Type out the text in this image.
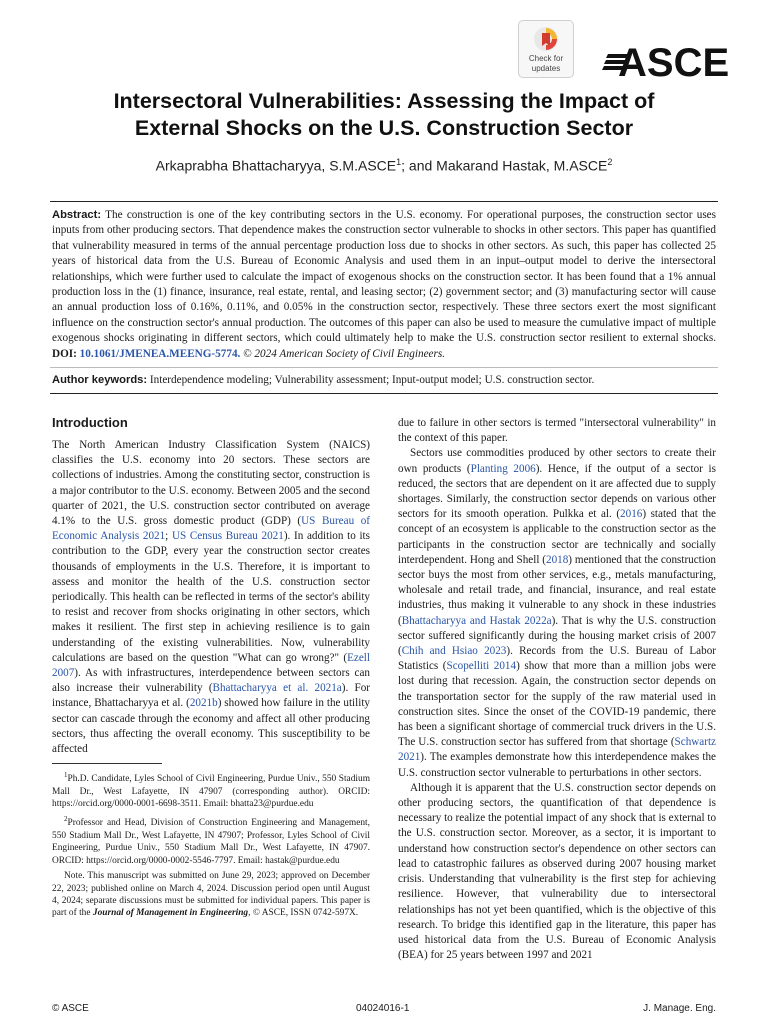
Check for
updates	ASCE
Intersectoral Vulnerabilities: Assessing the Impact of
External Shocks on the U.S. Construction Sector
Arkaprabha Bhattacharyya, S.M.ASCE$^1$; and Makarand Hastak, M.ASCE$^2$
Abstract: The construction is one of the key contributing sectors in the U.S. economy. For operational purposes, the construction sector uses inputs from other producing sectors. That dependence makes the construction sector vulnerable to shocks in other sectors. This paper has quantified that vulnerability measured in terms of the annual percentage production loss due to shocks in other sectors. As such, this paper has collected 25 years of historical data from the U.S. Bureau of Economic Analysis and used them in an input–output model to derive the intersectoral relationships, which were further used to calculate the impact of exogenous shocks on the construction sector. It has been found that a 1% annual production loss in the (1) finance, insurance, real estate, rental, and leasing sector; (2) government sector; and (3) manufacturing sector will cause an annual production loss of 0.16%, 0.11%, and 0.05% in the construction sector, respectively. These three sectors exert the most significant influence on the construction sector's annual production. The outcomes of this paper can also be used to measure the cumulative impact of multiple exogenous shocks originating in different sectors, which could ultimately help to make the U.S. construction sector resilient to external shocks. DOI: 10.1061/JMENEA.MEENG-5774. © 2024 American Society of Civil Engineers.
Author keywords: Interdependence modeling; Vulnerability assessment; Input-output model; U.S. construction sector.
Introduction

The North American Industry Classification System (NAICS) classifies the U.S. economy into 20 sectors. These sectors are collections of industries. Among the constituting sector, construction is a major contributor to the U.S. economy. Between 2005 and the second quarter of 2021, the U.S. construction sector contributed on average 4.1% to the U.S. gross domestic product (GDP) (US Bureau of Economic Analysis 2021; US Census Bureau 2021). In addition to its contribution to the GDP, every year the construction sector creates thousands of employments in the U.S. Therefore, it is important to assess and monitor the health of the U.S. construction sector periodically. This health can be reflected in terms of the sector's ability to resist and recover from shocks originating in other sectors, which makes it resilient. The first step in achieving resilience is to gain understanding of the existing vulnerabilities. Now, vulnerability calculations are based on the question "What can go wrong?" (Ezell 2007). As with infrastructures, interdependence between sectors can also increase their vulnerability (Bhattacharyya et al. 2021a). For instance, Bhattacharyya et al. (2021b) showed how failure in the utility sector can cascade through the economy and affect all other producing sectors, thus affecting the overall economy. This susceptibility to be affected

$^1$Ph.D. Candidate, Lyles School of Civil Engineering, Purdue Univ., 550 Stadium Mall Dr., West Lafayette, IN 47907 (corresponding author). ORCID: https://orcid.org/0000-0001-6698-3511. Email: bhatta23@purdue.edu

$^2$Professor and Head, Division of Construction Engineering and Management, 550 Stadium Mall Dr., West Lafayette, IN 47907; Professor, Lyles School of Civil Engineering, Purdue Univ., 550 Stadium Mall Dr., West Lafayette, IN 47907. ORCID: https://orcid.org/0000-0002-5546-7797. Email: hastak@purdue.edu

Note. This manuscript was submitted on June 29, 2023; approved on December 22, 2023; published online on March 4, 2024. Discussion period open until August 4, 2024; separate discussions must be submitted for individual papers. This paper is part of the Journal of Management in Engineering, © ASCE, ISSN 0742-597X.

due to failure in other sectors is termed "intersectoral vulnerability" in the context of this paper.

Sectors use commodities produced by other sectors to create their own products (Planting 2006). Hence, if the output of a sector is reduced, the sectors that are dependent on it are affected due to supply shortages. Similarly, the construction sector depends on various other sectors for its smooth operation. Pulkka et al. (2016) stated that the concept of an ecosystem is applicable to the construction sector as the participants in the construction sector are technically and socially interdependent. Hong and Shell (2018) mentioned that the construction sector buys the most from other services, e.g., metals manufacturing, wholesale and retail trade, and financial, insurance, and real estate industries, thus making it vulnerable to any shock in these industries (Bhattacharyya and Hastak 2022a). That is why the U.S. construction sector suffered significantly during the housing market crisis of 2007 (Chih and Hsiao 2023). Records from the U.S. Bureau of Labor Statistics (Scopelliti 2014) show that more than a million jobs were lost during that recession. Again, the construction sector depends on the transportation sector for the supply of the raw material used in construction sites. Since the onset of the COVID-19 pandemic, there has been a significant shortage of commercial truck drivers in the U.S. The U.S. construction sector has suffered from that shortage (Schwartz 2021). The examples demonstrate how this interdependence makes the U.S. construction sector vulnerable to perturbations in other sectors.

Although it is apparent that the U.S. construction sector depends on other producing sectors, the quantification of that dependence is necessary to realize the potential impact of any shock that is external to the U.S. construction sector. Moreover, as a sector, it is important to understand how construction sector's dependence on other sectors can lead to catastrophic failures as observed during 2007 housing market crisis. Understanding that vulnerability is the first step for achieving resilience. However, that vulnerability due to intersectoral relationships has not yet been quantified, which is the objective of this research. To bridge this identified gap in the literature, this paper has used historical data from the U.S. Bureau of Economic Analysis (BEA) for 25 years between 1997 and 2021

© ASCE	04024016-1	J. Manage. Eng.
